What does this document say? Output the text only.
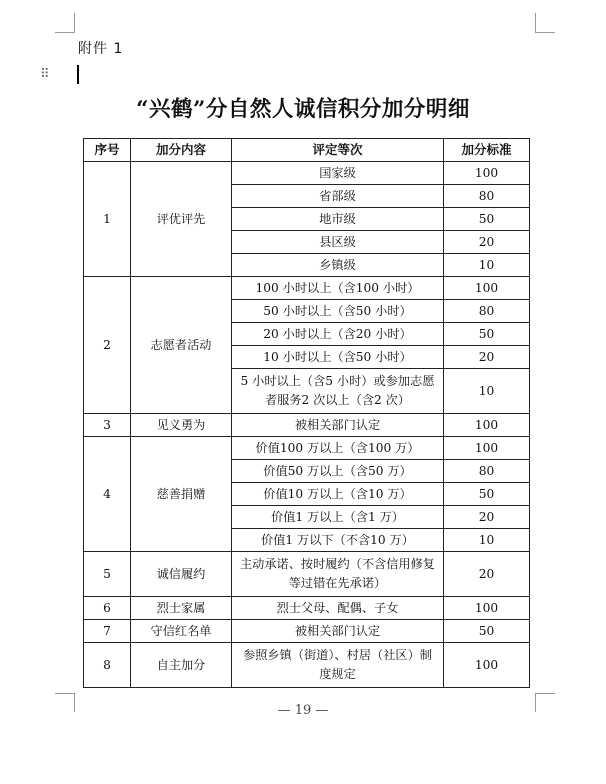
附件 1
⠿
“兴鹤”分自然人诚信积分加分明细
序号	加分内容	评定等次	加分标准
1	评优评先	国家级	100
		省部级	80
		地市级	50
		县区级	20
		乡镇级	10
2	志愿者活动	100 小时以上（含100 小时）	100
		50 小时以上（含50 小时）	80
		20 小时以上（含20 小时）	50
		10 小时以上（含50 小时）	20
		5 小时以上（含5 小时）或参加志愿者服务2 次以上（含2 次）	10
3	见义勇为	被相关部门认定	100
4	慈善捐赠	价值100 万以上（含100 万）	100
		价值50 万以上（含50 万）	80
		价值10 万以上（含10 万）	50
		价值1 万以上（含1 万）	20
		价值1 万以下（不含10 万）	10
5	诚信履约	主动承诺、按时履约（不含信用修复等过错在先承诺）	20
6	烈士家属	烈士父母、配偶、子女	100
7	守信红名单	被相关部门认定	50
8	自主加分	参照乡镇（街道）、村居（社区）制度规定	100
— 19 —
